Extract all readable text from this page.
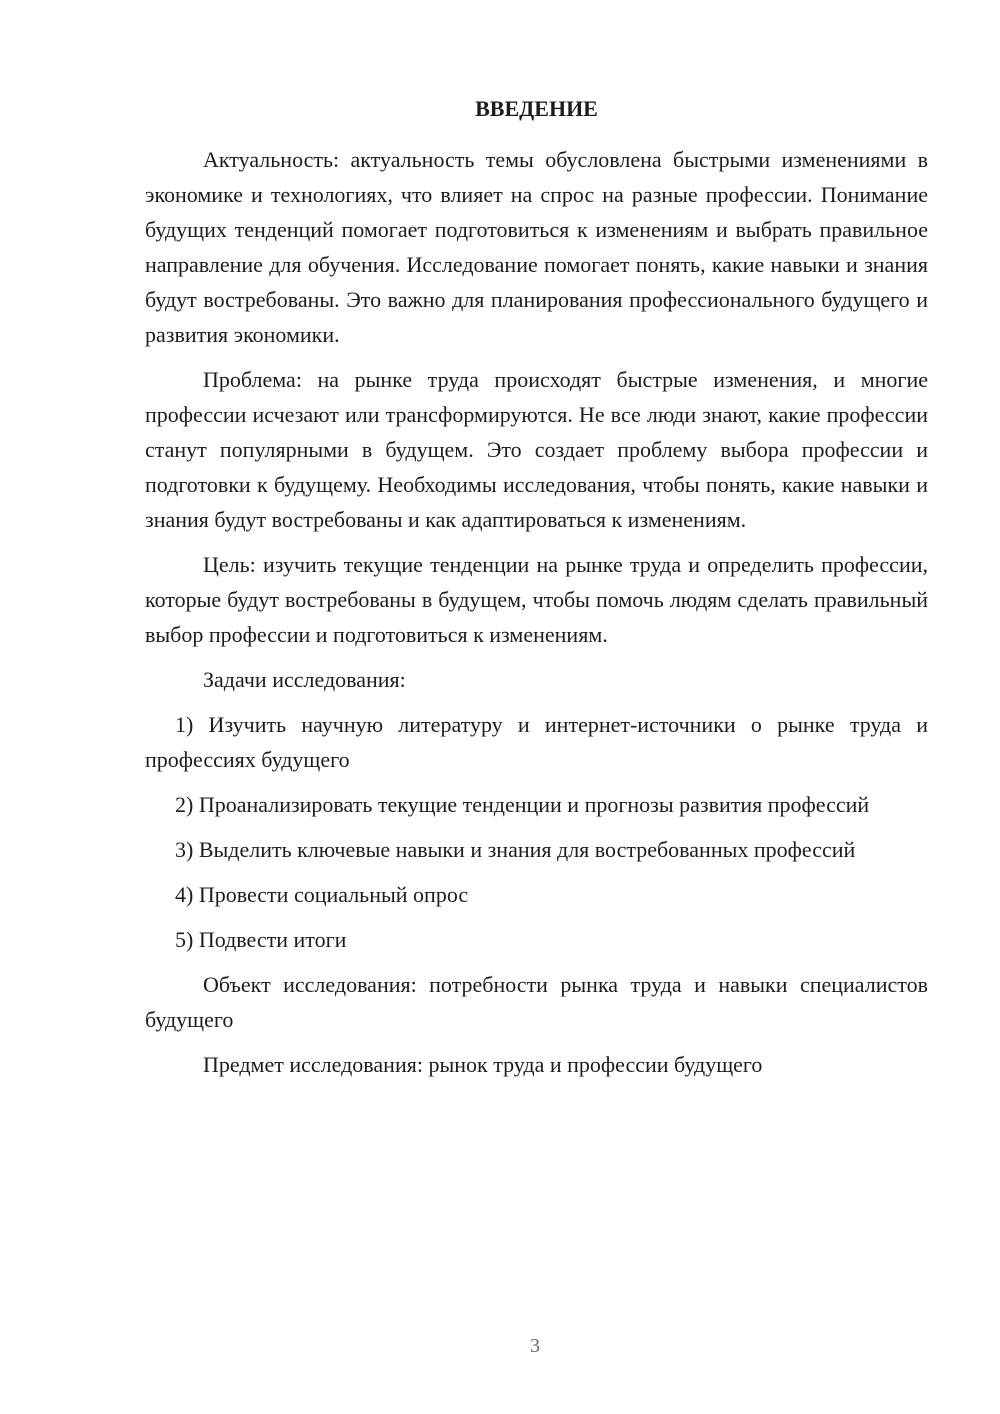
ВВЕДЕНИЕ

Актуальность: актуальность темы обусловлена быстрыми изменениями в экономике и технологиях, что влияет на спрос на разные профессии. Понимание будущих тенденций помогает подготовиться к изменениям и выбрать правильное направление для обучения. Исследование помогает понять, какие навыки и знания будут востребованы. Это важно для планирования профессионального будущего и развития экономики.

Проблема: на рынке труда происходят быстрые изменения, и многие профессии исчезают или трансформируются. Не все люди знают, какие профессии станут популярными в будущем. Это создает проблему выбора профессии и подготовки к будущему. Необходимы исследования, чтобы понять, какие навыки и знания будут востребованы и как адаптироваться к изменениям.

Цель: изучить текущие тенденции на рынке труда и определить профессии, которые будут востребованы в будущем, чтобы помочь людям сделать правильный выбор профессии и подготовиться к изменениям.

Задачи исследования:

1) Изучить научную литературу и интернет-источники о рынке труда и профессиях будущего

2) Проанализировать текущие тенденции и прогнозы развития профессий

3) Выделить ключевые навыки и знания для востребованных профессий

4) Провести социальный опрос

5) Подвести итоги

Объект исследования: потребности рынка труда и навыки специалистов будущего

Предмет исследования: рынок труда и профессии будущего

3
